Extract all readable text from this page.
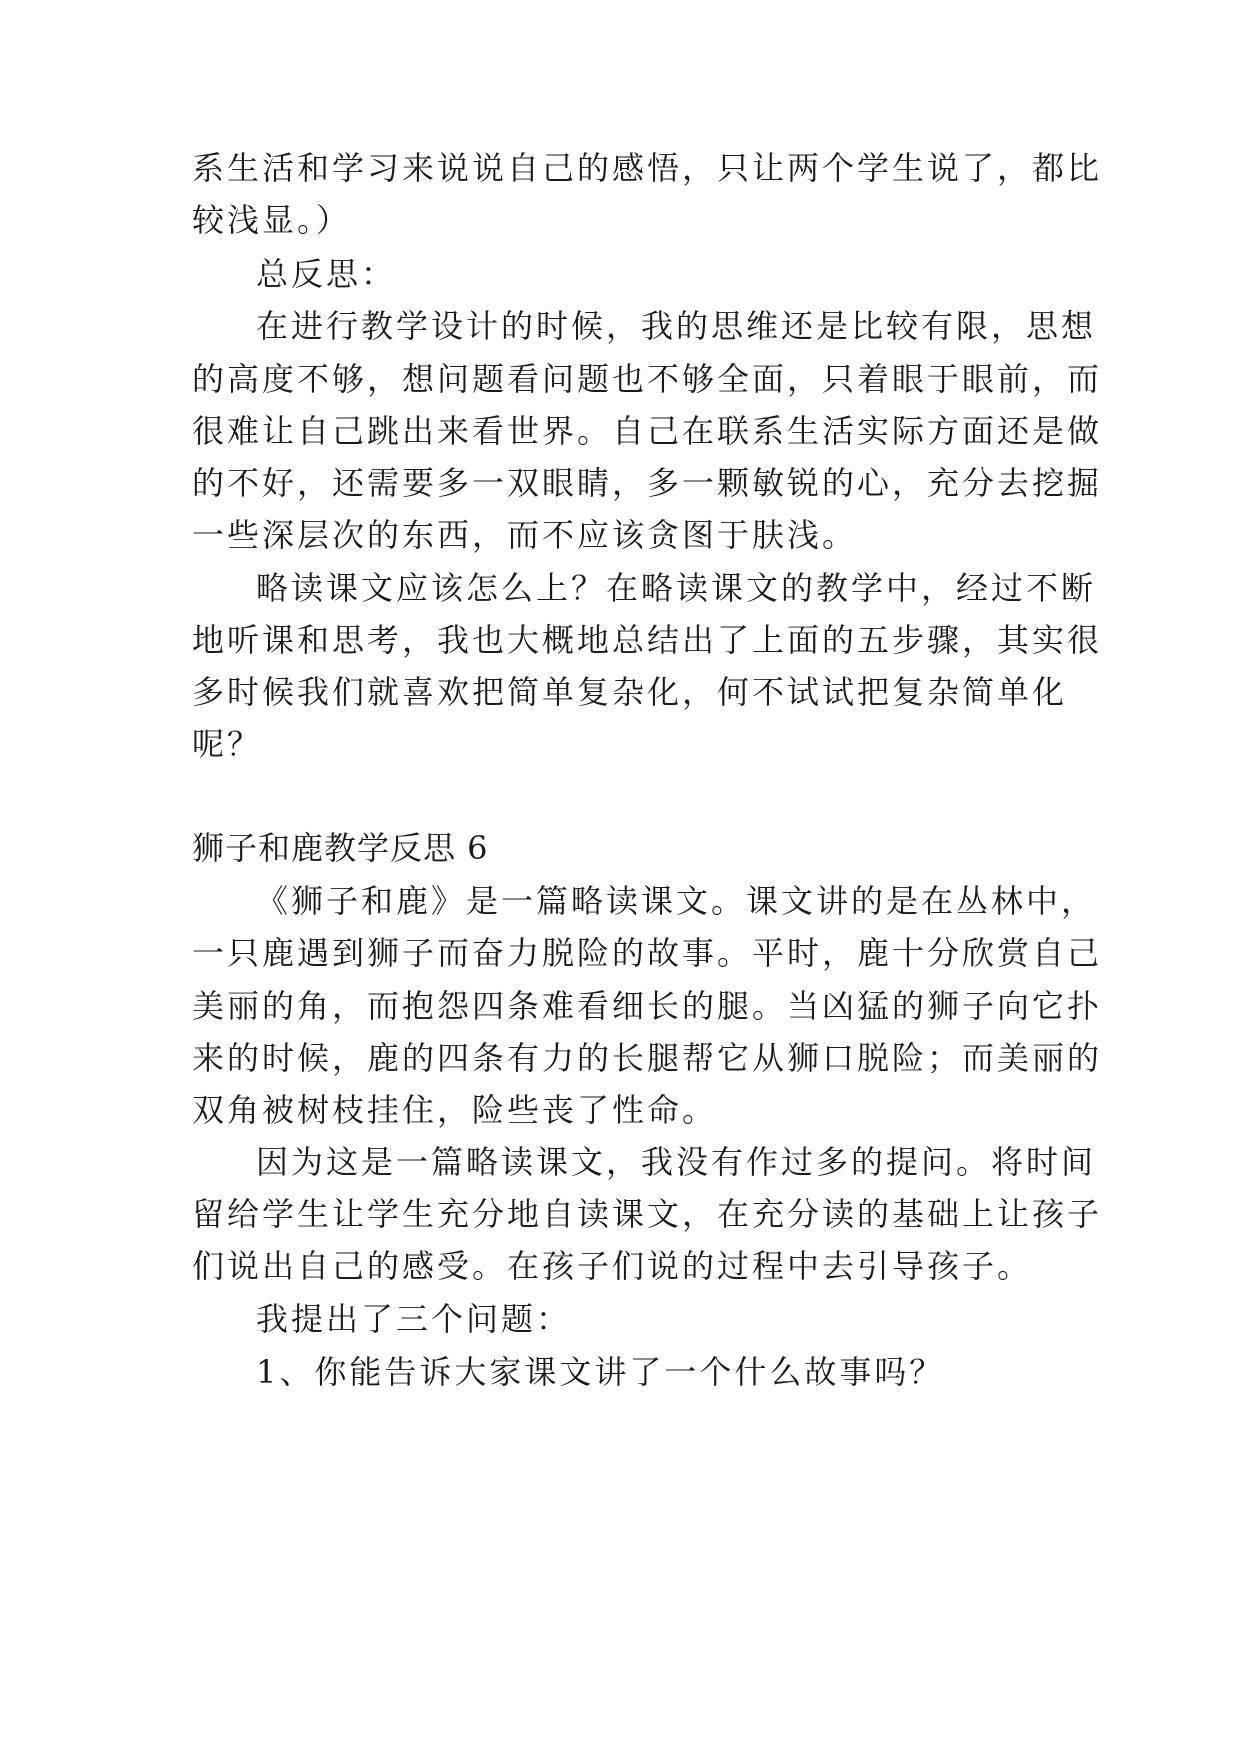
系生活和学习来说说自己的感悟，只让两个学生说了，都比
较浅显。）
总反思：
在进行教学设计的时候，我的思维还是比较有限，思想
的高度不够，想问题看问题也不够全面，只着眼于眼前，而
很难让自己跳出来看世界。自己在联系生活实际方面还是做
的不好，还需要多一双眼睛，多一颗敏锐的心，充分去挖掘
一些深层次的东西，而不应该贪图于肤浅。
略读课文应该怎么上？在略读课文的教学中，经过不断
地听课和思考，我也大概地总结出了上面的五步骤，其实很
多时候我们就喜欢把简单复杂化，何不试试把复杂简单化
呢？
狮子和鹿教学反思 6
《狮子和鹿》是一篇略读课文。课文讲的是在丛林中，
一只鹿遇到狮子而奋力脱险的故事。平时，鹿十分欣赏自己
美丽的角，而抱怨四条难看细长的腿。当凶猛的狮子向它扑
来的时候，鹿的四条有力的长腿帮它从狮口脱险；而美丽的
双角被树枝挂住，险些丧了性命。
因为这是一篇略读课文，我没有作过多的提问。将时间
留给学生让学生充分地自读课文，在充分读的基础上让孩子
们说出自己的感受。在孩子们说的过程中去引导孩子。
我提出了三个问题：
1、你能告诉大家课文讲了一个什么故事吗？
